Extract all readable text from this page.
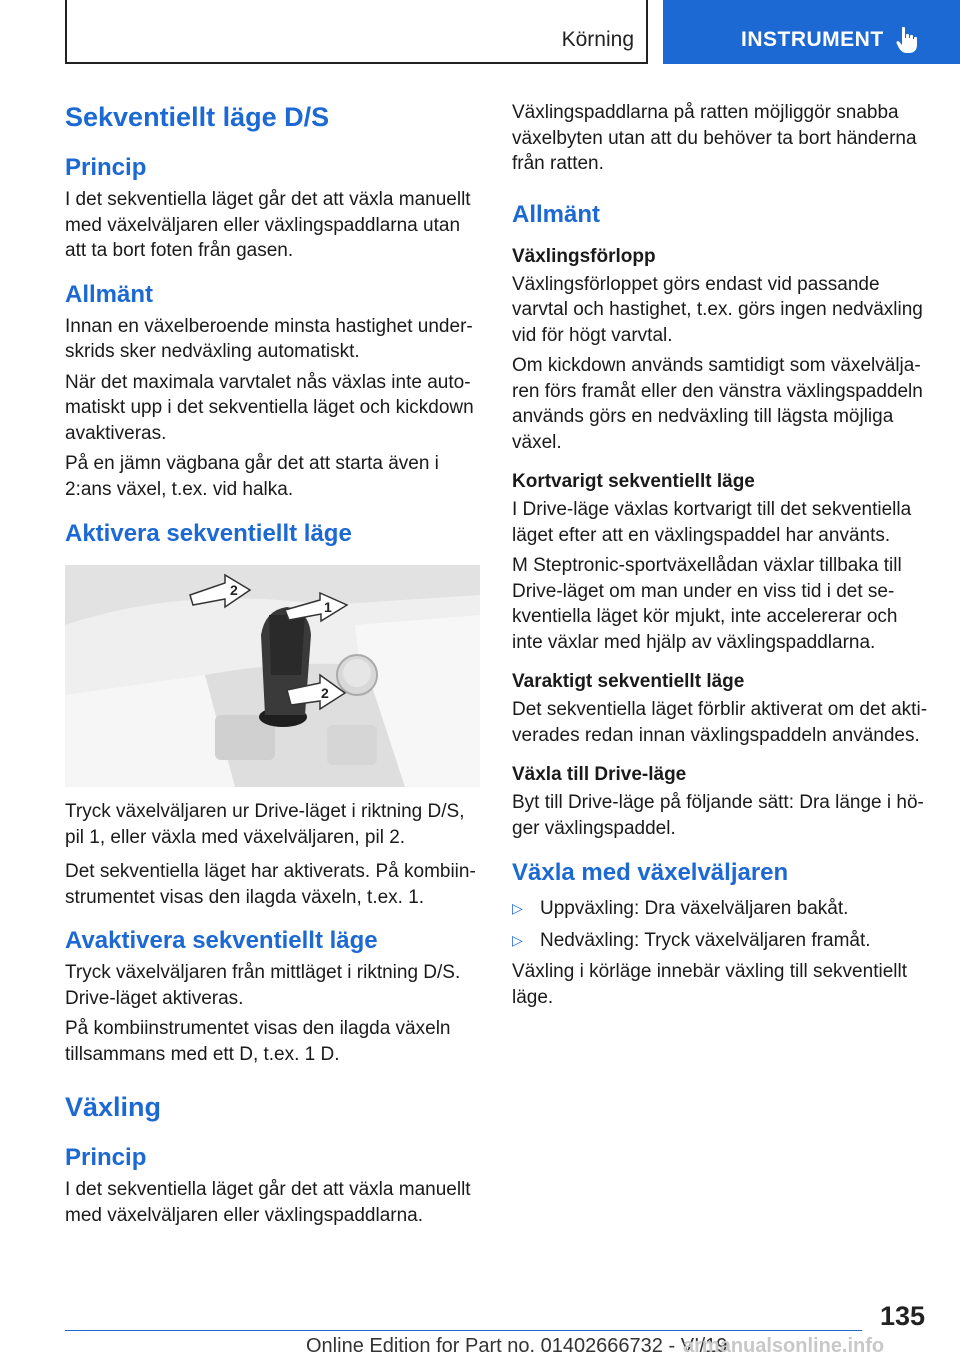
Körning	INSTRUMENT
Sekventiellt läge D/S
Princip

I det sekventiella läget går det att växla manuellt med växelväljaren eller växlingspaddlarna utan att ta bort foten från gasen.

Allmänt

Innan en växelberoende minsta hastighet underskrids sker nedväxling automatiskt.

När det maximala varvtalet nås växlas inte automatiskt upp i det sekventiella läget och kickdown avaktiveras.

På en jämn vägbana går det att starta även i 2:ans växel, t.ex. vid halka.

Aktivera sekventiellt läge
2
1
2

Tryck växelväljaren ur Drive-läget i riktning D/S, pil 1, eller växla med växelväljaren, pil 2.

Det sekventiella läget har aktiverats. På kombiinstrumentet visas den ilagda växeln, t.ex. 1.

Avaktivera sekventiellt läge

Tryck växelväljaren från mittläget i riktning D/S. Drive-läget aktiveras.

På kombiinstrumentet visas den ilagda växeln tillsammans med ett D, t.ex. 1 D.

Växling
Princip

I det sekventiella läget går det att växla manuellt med växelväljaren eller växlingspaddlarna.

Växlingspaddlarna på ratten möjliggör snabba växelbyten utan att du behöver ta bort händerna från ratten.

Allmänt
Växlingsförlopp

Växlingsförloppet görs endast vid passande varvtal och hastighet, t.ex. görs ingen nedväxling vid för högt varvtal.

Om kickdown används samtidigt som växelväljaren förs framåt eller den vänstra växlingspaddeln används görs en nedväxling till lägsta möjliga växel.

Kortvarigt sekventiellt läge

I Drive-läge växlas kortvarigt till det sekventiella läget efter att en växlingspaddel har använts.

M Steptronic-sportväxellådan växlar tillbaka till Drive-läget om man under en viss tid i det sekventiella läget kör mjukt, inte accelererar och inte växlar med hjälp av växlingspaddlarna.

Varaktigt sekventiellt läge

Det sekventiella läget förblir aktiverat om det aktiverades redan innan växlingspaddeln användes.

Växla till Drive-läge

Byt till Drive-läge på följande sätt: Dra länge i höger växlingspaddel.

Växla med växelväljaren
▷ Uppväxling: Dra växelväljaren bakåt.
▷ Nedväxling: Tryck växelväljaren framåt.

Växling i körläge innebär växling till sekventiellt läge.

135
Online Edition for Part no. 01402666732 - VI/19
armanualsonline.info
